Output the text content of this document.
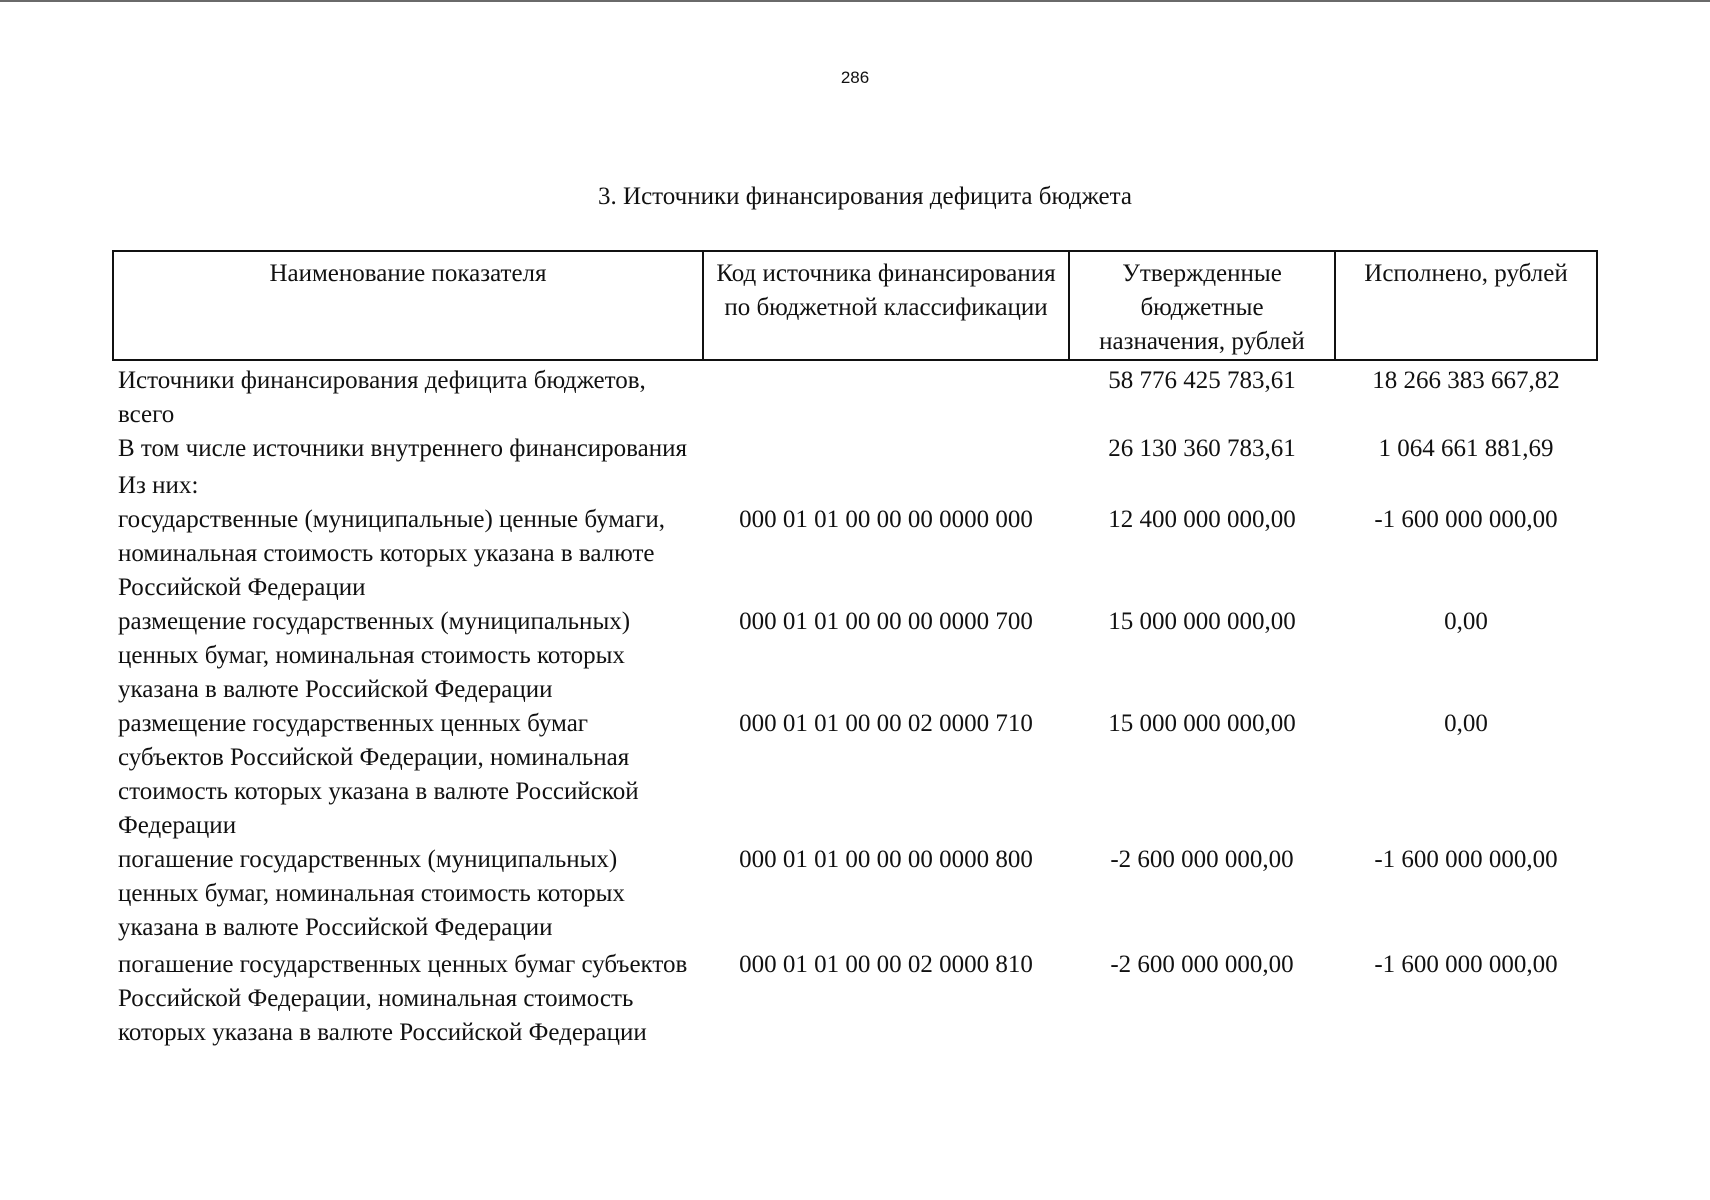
286
3. Источники финансирования дефицита бюджета
Наименование показателя	Код источника финансирования по бюджетной классификации	Утвержденные бюджетные назначения, рублей	Исполнено, рублей
Источники финансирования дефицита бюджетов, всего		58 776 425 783,61	18 266 383 667,82
В том числе источники внутреннего финансирования		26 130 360 783,61	1 064 661 881,69
Из них:			
государственные (муниципальные) ценные бумаги, номинальная стоимость которых указана в валюте Российской Федерации	000 01 01 00 00 00 0000 000	12 400 000 000,00	-1 600 000 000,00
размещение государственных (муниципальных) ценных бумаг, номинальная стоимость которых указана в валюте Российской Федерации	000 01 01 00 00 00 0000 700	15 000 000 000,00	0,00
размещение государственных ценных бумаг субъектов Российской Федерации, номинальная стоимость которых указана в валюте Российской Федерации	000 01 01 00 00 02 0000 710	15 000 000 000,00	0,00
погашение государственных (муниципальных) ценных бумаг, номинальная стоимость которых указана в валюте Российской Федерации	000 01 01 00 00 00 0000 800	-2 600 000 000,00	-1 600 000 000,00
погашение государственных ценных бумаг субъектов Российской Федерации, номинальная стоимость которых указана в валюте Российской Федерации	000 01 01 00 00 02 0000 810	-2 600 000 000,00	-1 600 000 000,00
